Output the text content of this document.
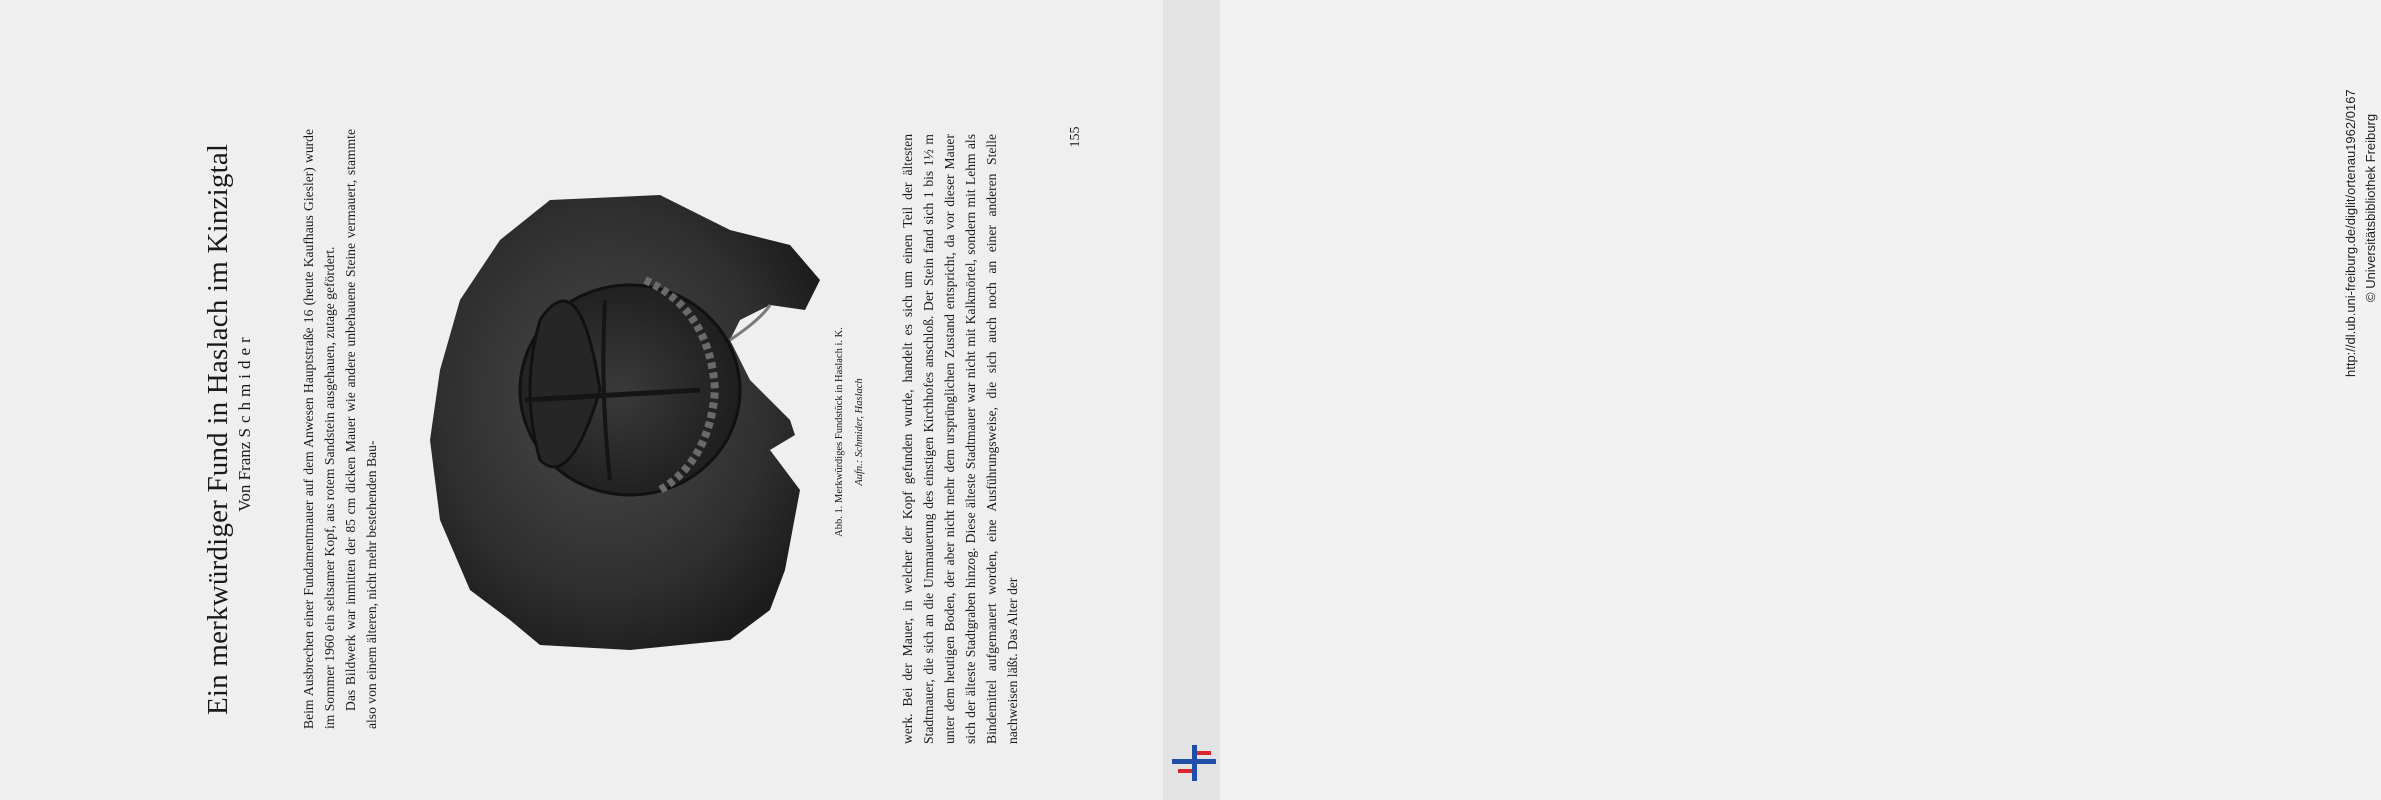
Ein merkwürdiger Fund in Haslach im Kinzigtal Von Franz Schmider	Beim Ausbrechen einer Fundamentmauer auf dem Anwesen Hauptstraße 16 (heute Kaufhaus Giesler) wurde im Sommer 1960 ein seltsamer Kopf, aus rotem Sandstein ausgehauen, zutage gefördert. Das Bildwerk war inmitten der 85 cm dicken Mauer wie andere unbehauene Steine vermauert, stammte also von einem älteren, nicht mehr bestehenden Bau-

Abb. 1. Merkwürdiges Fundstück in Haslach i. K. Aufn.: Schmider, Haslach	werk. Bei der Mauer, in welcher der Kopf gefunden wurde, handelt es sich um einen Teil der ältesten Stadtmauer, die sich an die Ummauerung des einstigen Kirchhofes anschloß. Der Stein fand sich 1 bis 1½ m unter dem heutigen Boden, der aber nicht mehr dem ursprünglichen Zustand entspricht, da vor dieser Mauer sich der älteste Stadtgraben hinzog. Diese älteste Stadtmauer war nicht mit Kalkmörtel, sondern mit Lehm als Bindemittel aufgemauert worden, eine Ausführungsweise, die sich auch noch an einer anderen Stelle nachweisen läßt. Das Alter der

155	http://dl.ub.uni-freiburg.de/diglit/ortenau1962/0167 © Universitätsbibliothek Freiburg
